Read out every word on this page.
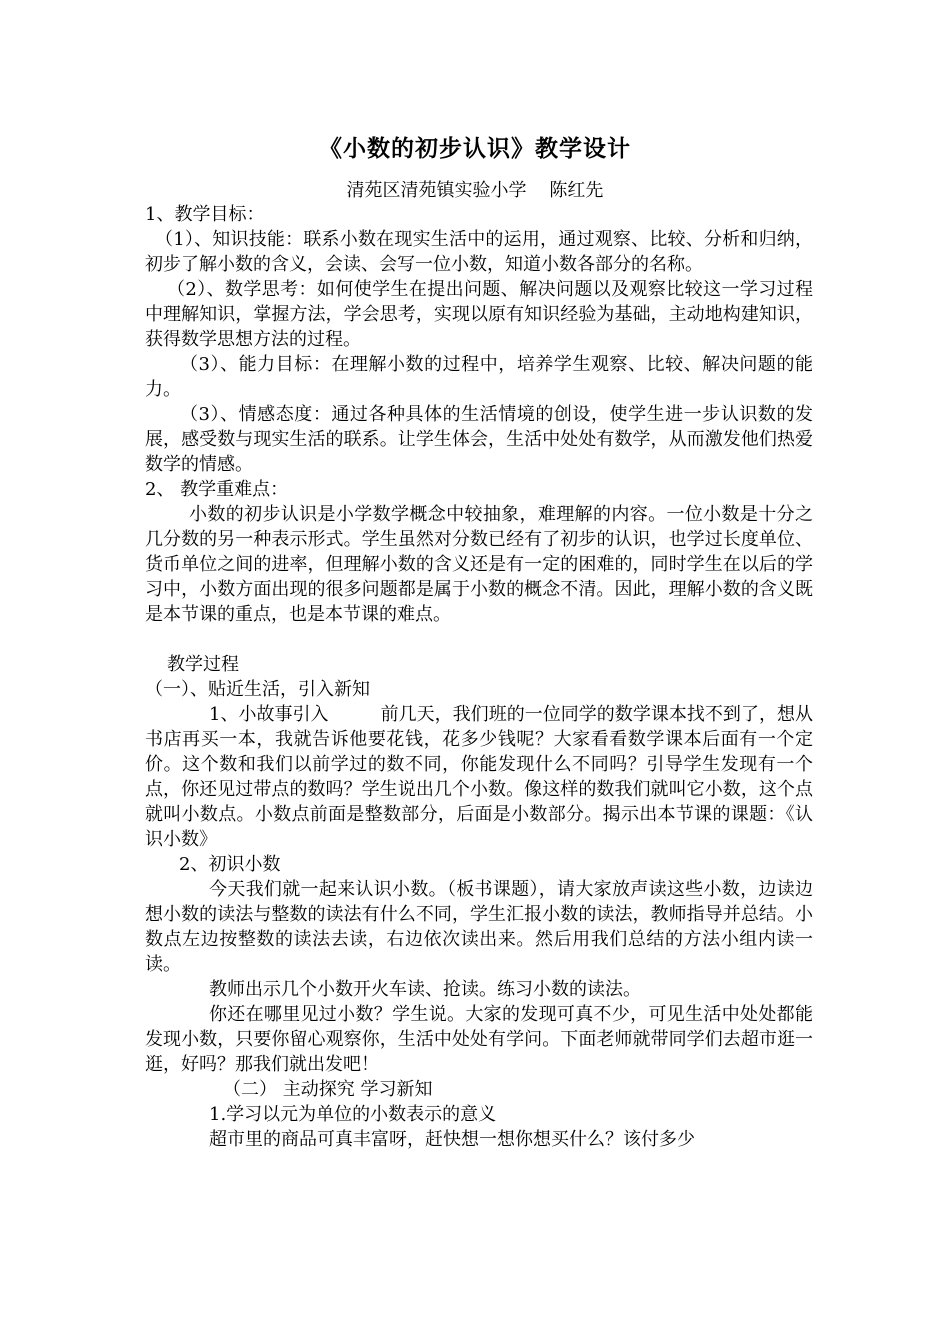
《小数的初步认识》教学设计
清苑区清苑镇实验小学    陈红先

1、教学目标：

（1）、知识技能：联系小数在现实生活中的运用，通过观察、比较、分析和归纳，初步了解小数的含义，会读、会写一位小数，知道小数各部分的名称。

（2）、数学思考：如何使学生在提出问题、解决问题以及观察比较这一学习过程中理解知识，掌握方法，学会思考，实现以原有知识经验为基础，主动地构建知识，获得数学思想方法的过程。

（3）、能力目标：在理解小数的过程中，培养学生观察、比较、解决问题的能力。

（3）、情感态度：通过各种具体的生活情境的创设，使学生进一步认识数的发展，感受数与现实生活的联系。让学生体会，生活中处处有数学，从而激发他们热爱数学的情感。

2、 教学重难点：

小数的初步认识是小学数学概念中较抽象，难理解的内容。一位小数是十分之几分数的另一种表示形式。学生虽然对分数已经有了初步的认识，也学过长度单位、货币单位之间的进率，但理解小数的含义还是有一定的困难的，同时学生在以后的学习中，小数方面出现的很多问题都是属于小数的概念不清。因此，理解小数的含义既是本节课的重点，也是本节课的难点。

教学过程

（一）、贴近生活，引入新知

1、小故事引入	前几天，我们班的一位同学的数学课本找不到了，想从书店再买一本，我就告诉他要花钱，花多少钱呢？大家看看数学课本后面有一个定价。这个数和我们以前学过的数不同，你能发现什么不同吗？引导学生发现有一个点，你还见过带点的数吗？学生说出几个小数。像这样的数我们就叫它小数，这个点就叫小数点。小数点前面是整数部分，后面是小数部分。揭示出本节课的课题：《认识小数》

2、初识小数

今天我们就一起来认识小数。（板书课题），请大家放声读这些小数，边读边想小数的读法与整数的读法有什么不同，学生汇报小数的读法，教师指导并总结。小数点左边按整数的读法去读，右边依次读出来。然后用我们总结的方法小组内读一读。

教师出示几个小数开火车读、抢读。练习小数的读法。

你还在哪里见过小数？学生说。大家的发现可真不少，可见生活中处处都能发现小数，只要你留心观察你，生活中处处有学问。下面老师就带同学们去超市逛一逛，好吗？那我们就出发吧！

（二） 主动探究 学习新知

1.学习以元为单位的小数表示的意义

超市里的商品可真丰富呀，赶快想一想你想买什么？该付多少
